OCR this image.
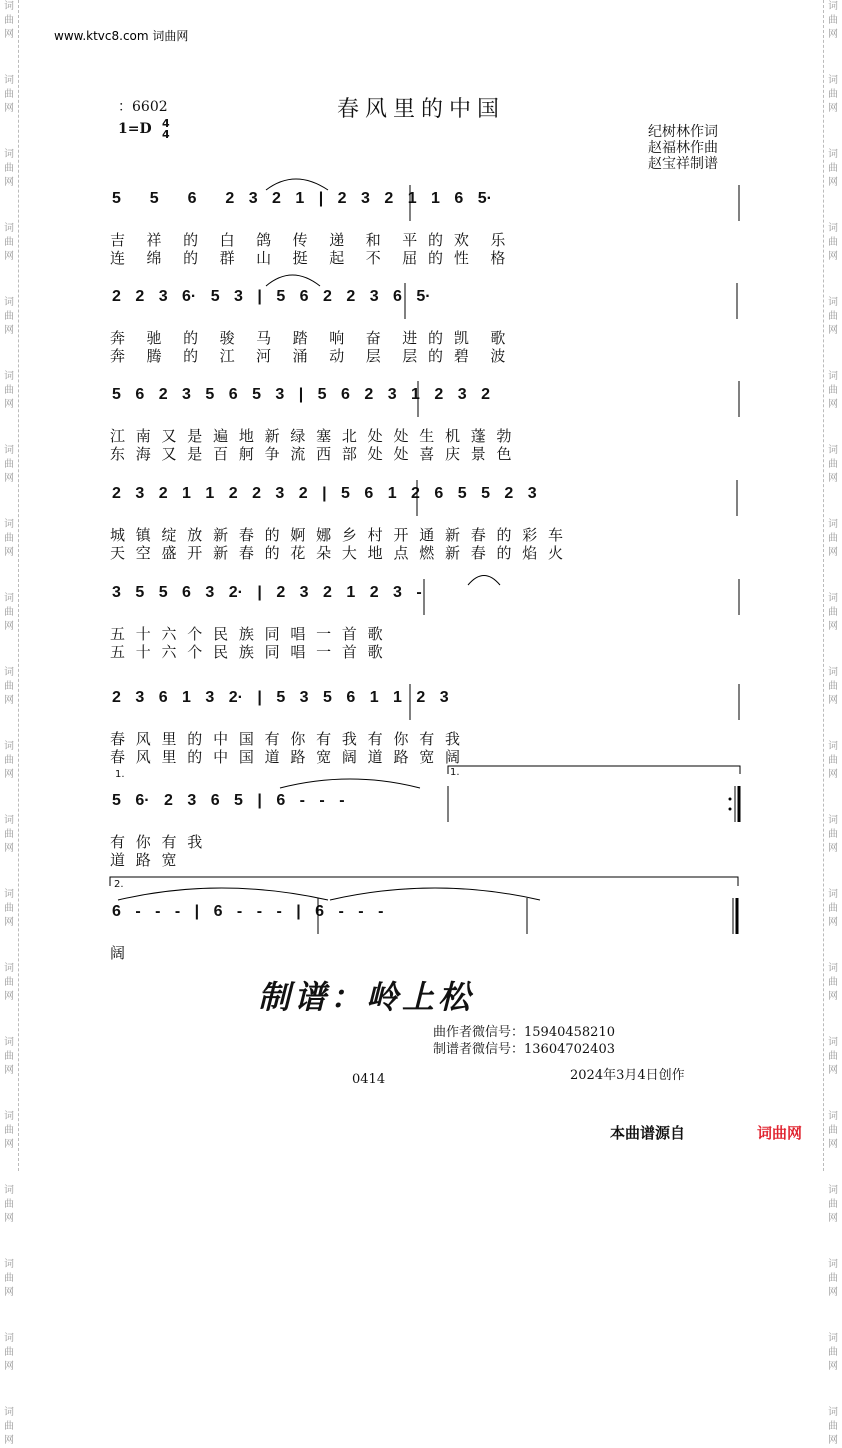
词曲网
词曲网
词曲网
词曲网
词曲网
词曲网
词曲网
词曲网
词曲网
词曲网
词曲网
词曲网
词曲网
词曲网
词曲网
词曲网
词曲网
词曲网
词曲网
词曲网
词曲网
词曲网
词曲网
词曲网
词曲网
词曲网
词曲网
词曲网
词曲网
词曲网
词曲网
词曲网
词曲网
词曲网
词曲网
词曲网
词曲网
词曲网
词曲网
词曲网
www.ktvc8.com 词曲网
春风里的中国
：6602
1=D 4
4	纪树林作词
赵福林作曲
赵宝祥制谱
5  5  6  2 3 2 1 | 2 3 2 1 1 6 5·
吉  祥  的  白  鸽  传  递  和  平 的 欢  乐
连  绵  的  群  山  挺  起  不  屈 的 性  格
2 2 3 6· 5 3 | 5 6 2 2 3 6 5·
奔  驰  的  骏  马  踏  响  奋  进 的 凯  歌
奔  腾  的  江  河  涌  动  层  层 的 碧  波
5 6 2 3 5 6 5 3 | 5 6 2 3 1 2 3 2
江 南 又 是 遍 地 新 绿 塞 北 处 处 生 机 蓬 勃
东 海 又 是 百 舸 争 流 西 部 处 处 喜 庆 景 色
2 3 2 1 1 2 2 3 2 | 5 6 1 2 6 5 5 2 3
城 镇 绽 放 新 春 的 婀 娜 乡 村 开 通 新 春 的 彩 车
天 空 盛 开 新 春 的 花 朵 大 地 点 燃 新 春 的 焰 火
3 5 5 6 3 2· | 2 3 2 1 2 3 -
五 十 六 个 民 族 同 唱 一 首 歌
五 十 六 个 民 族 同 唱 一 首 歌
2 3 6 1 3 2· | 5 3 5 6 1 1 2 3
春 风 里 的 中 国 有 你 有 我 有 你 有 我
春 风 里 的 中 国 道 路 宽 阔 道 路 宽 阔
5 6· 2 3 6 5 | 6 - - -
有 你 有 我
道 路 宽
6 - - - | 6 - - - | 6 - - -
阔
1.	1.
2.
制谱：岭上松
曲作者微信号：15940458210
制谱者微信号：13604702403
0414	2024年3月4日创作
本曲谱源自	词曲网
